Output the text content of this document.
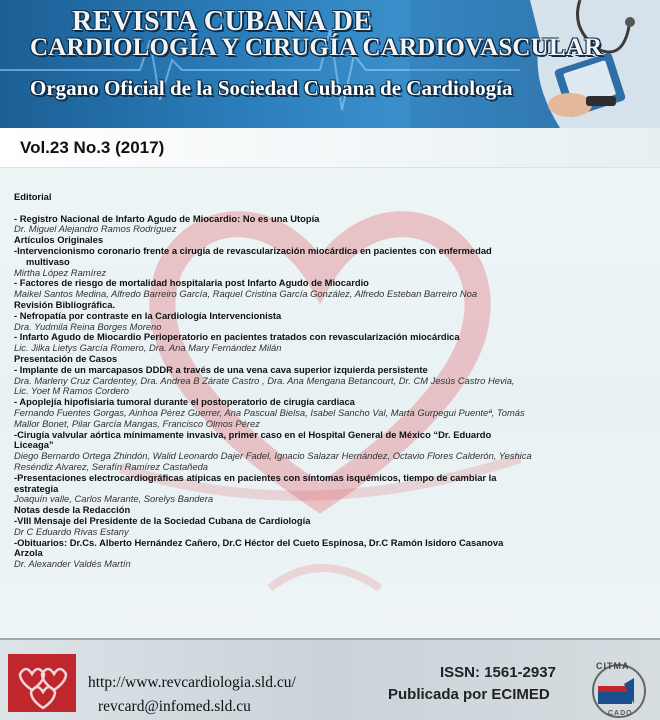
REVISTA CUBANA DE
CARDIOLOGÍA Y CIRUGÍA CARDIOVASCULAR
Organo Oficial de la Sociedad Cubana de Cardiología
Vol.23 No.3 (2017)
Editorial
- Registro Nacional de Infarto Agudo de Miocardio: No es una Utopía
Dr. Miguel Alejandro Ramos Rodríguez
Artículos Originales
-Intervencionismo coronario frente a cirugía de revascularización miocárdica en pacientes con enfermedad
multivaso
Mirtha López Ramírez
- Factores de riesgo de mortalidad hospitalaria post Infarto Agudo de Miocardio
Maikel Santos Medina, Alfredo Barreiro García, Raquel Cristina García González, Alfredo Esteban Barreiro Noa
Revisión Bibliográfica.
- Nefropatía por contraste en la Cardiología Intervencionista
Dra. Yudmila Reina Borges Moreno
- Infarto Agudo de Miocardio Perioperatorio en pacientes tratados con revascularización miocárdica
Lic. Jilka Lietys García Romero, Dra. Ana Mary Fernández Milán
Presentación de Casos
- Implante de un marcapasos DDDR a través de una vena cava superior izquierda persistente
Dra. Marleny Cruz Cardentey, Dra. Andrea B Zárate Castro , Dra. Ana Mengana Betancourt, Dr. CM Jesús Castro Hevia,
Lic. Yoet M Ramos Cordero
- Apoplejía hipofisiaria tumoral durante el postoperatorio de cirugía cardiaca
Fernando Fuentes Gorgas, Ainhoa Pérez Guerrer, Ana Pascual Bielsa, Isabel Sancho Val, Marta Gurpegui Puenteª, Tomás
Mallor Bonet, Pilar García Mangas, Francisco Olmos Pérez
-Cirugía valvular aórtica mínimamente invasiva, primer caso en el Hospital General de México “Dr. Eduardo
Liceaga”
Diego Bernardo Ortega Zhindón, Walid Leonardo Dajer Fadel, Ignacio Salazar Hernández, Octavio Flores Calderón, Yeshica
Reséndiz Alvarez, Serafín Ramírez Castañeda
-Presentaciones electrocardiográficas atípicas en pacientes con síntomas isquémicos, tiempo de cambiar la
estrategia
Joaquín valle, Carlos Marante, Sorelys Bandera
Notas desde la Redacción
-VIII Mensaje del Presidente de la Sociedad Cubana de Cardiología
Dr C Eduardo Rivas Estany
-Obituarios: Dr.Cs. Alberto Hernández Cañero, Dr.C Héctor del Cueto Espinosa, Dr.C Ramón Isidoro Casanova
Arzola
Dr. Alexander Valdés Martín
http://www.revcardiologia.sld.cu/
revcard@infomed.sld.cu
ISSN: 1561-2937
Publicada por ECIMED
CITMA
CADO
